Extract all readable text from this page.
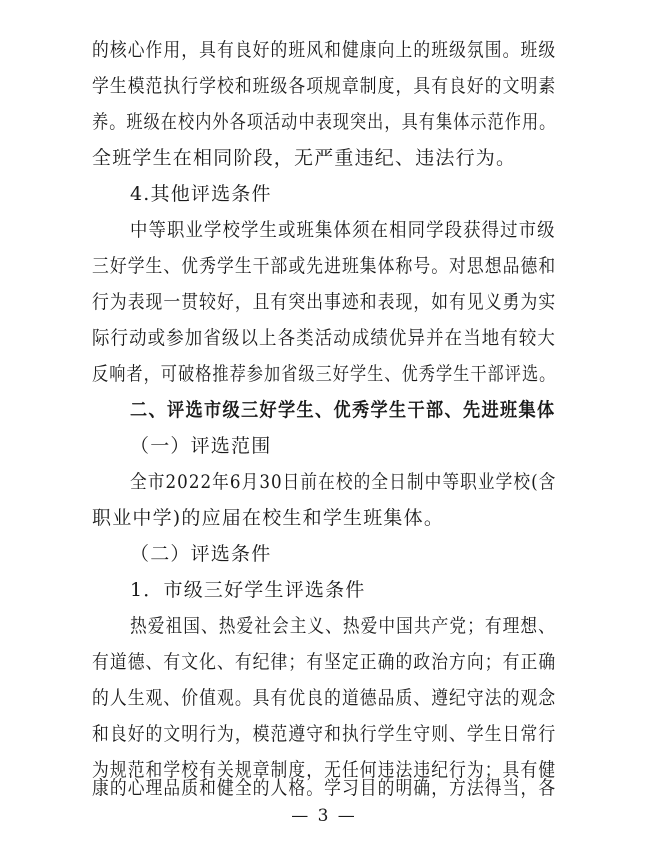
的核心作用，具有良好的班风和健康向上的班级氛围。班级
学生模范执行学校和班级各项规章制度，具有良好的文明素
养。班级在校内外各项活动中表现突出，具有集体示范作用。
全班学生在相同阶段，无严重违纪、违法行为。
4.其他评选条件
中等职业学校学生或班集体须在相同学段获得过市级
三好学生、优秀学生干部或先进班集体称号。对思想品德和
行为表现一贯较好，且有突出事迹和表现，如有见义勇为实
际行动或参加省级以上各类活动成绩优异并在当地有较大
反响者，可破格推荐参加省级三好学生、优秀学生干部评选。
二、评选市级三好学生、优秀学生干部、先进班集体
（一）评选范围
全市2022年6月30日前在校的全日制中等职业学校(含
职业中学)的应届在校生和学生班集体。
（二）评选条件
1．市级三好学生评选条件
热爱祖国、热爱社会主义、热爱中国共产党；有理想、
有道德、有文化、有纪律；有坚定正确的政治方向；有正确
的人生观、价值观。具有优良的道德品质、遵纪守法的观念
和良好的文明行为，模范遵守和执行学生守则、学生日常行
为规范和学校有关规章制度，无任何违法违纪行为；具有健
康的心理品质和健全的人格。学习目的明确，方法得当，各
— 3 —
